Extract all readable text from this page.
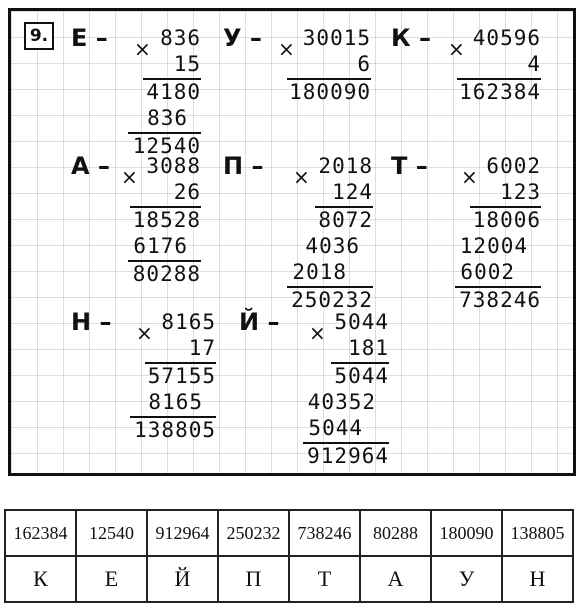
9. Е –	836
15
×
4180
836
12540
У –	30015
6
×
180090
К –	40596
4
×
162384
А –	3088
26
×
18528
6176
80288
П –	2018
124
×
8072
4036
2018
250232
Т –	6002
123
×
18006
12004
6002
738246
Н –	8165
17
×
57155
8165
138805
Й –	5044
181
×
5044
40352
5044
912964
162384	12540	912964	250232	738246	80288	180090	138805
К	Е	Й	П	Т	А	У	Н
